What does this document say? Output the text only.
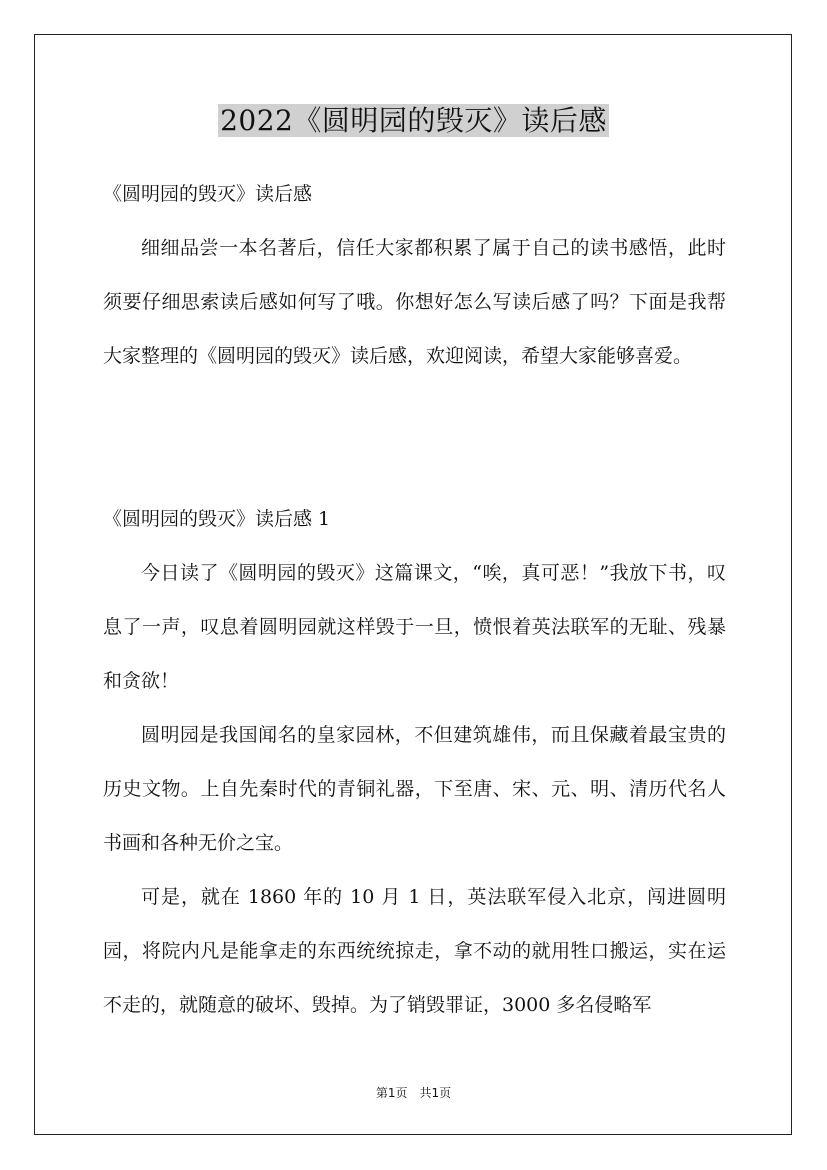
2022《圆明园的毁灭》读后感

《圆明园的毁灭》读后感

细细品尝一本名著后，信任大家都积累了属于自己的读书感悟，此时须要仔细思索读后感如何写了哦。你想好怎么写读后感了吗？下面是我帮大家整理的《圆明园的毁灭》读后感，欢迎阅读，希望大家能够喜爱。

《圆明园的毁灭》读后感 1

今日读了《圆明园的毁灭》这篇课文，“唉，真可恶！”我放下书，叹息了一声，叹息着圆明园就这样毁于一旦，愤恨着英法联军的无耻、残暴和贪欲！

圆明园是我国闻名的皇家园林，不但建筑雄伟，而且保藏着最宝贵的历史文物。上自先秦时代的青铜礼器，下至唐、宋、元、明、清历代名人书画和各种无价之宝。

可是，就在 1860 年的 10 月 1 日，英法联军侵入北京，闯进圆明园，将院内凡是能拿走的东西统统掠走，拿不动的就用牲口搬运，实在运不走的，就随意的破坏、毁掉。为了销毁罪证，3000 多名侵略军

第1页　共1页
